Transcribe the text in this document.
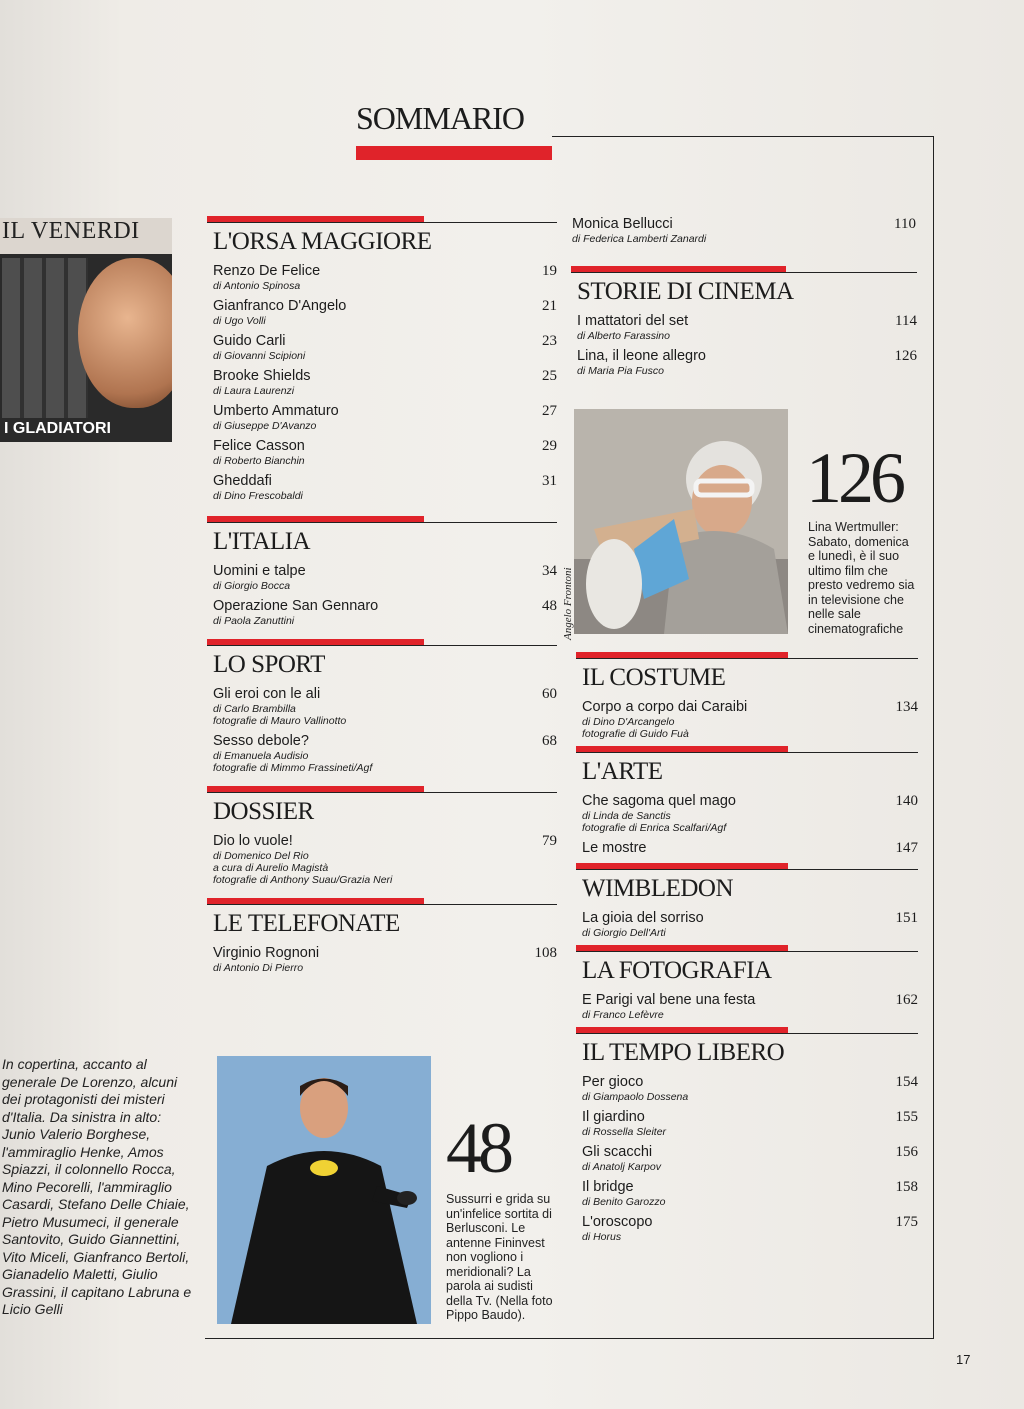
SOMMARIO
IL VENERDI
I GLADIATORI
In copertina, accanto al generale De Lorenzo, alcuni dei protagonisti dei misteri d'Italia. Da sinistra in alto: Junio Valerio Borghese, l'ammiraglio Henke, Amos Spiazzi, il colonnello Rocca, Mino Pecorelli, l'ammiraglio Casardi, Stefano Delle Chiaie, Pietro Musumeci, il generale Santovito, Guido Giannettini, Vito Miceli, Gianfranco Bertoli, Gianadelio Maletti, Giulio Grassini, il capitano Labruna e Licio Gelli
L'ORSA MAGGIORE
Renzo De Felice
di Antonio Spinosa
19
Gianfranco D'Angelo
di Ugo Volli
21
Guido Carli
di Giovanni Scipioni
23
Brooke Shields
di Laura Laurenzi
25
Umberto Ammaturo
di Giuseppe D'Avanzo
27
Felice Casson
di Roberto Bianchin
29
Gheddafi
di Dino Frescobaldi
31
L'ITALIA
Uomini e talpe
di Giorgio Bocca
34
Operazione San Gennaro
di Paola Zanuttini
48
LO SPORT
Gli eroi con le ali
di Carlo Brambilla
fotografie di Mauro Vallinotto
60
Sesso debole?
di Emanuela Audisio
fotografie di Mimmo Frassineti/Agf
68
DOSSIER
Dio lo vuole!
di Domenico Del Rio
a cura di Aurelio Magistà
fotografie di Anthony Suau/Grazia Neri
79
LE TELEFONATE
Virginio Rognoni
di Antonio Di Pierro
108
Monica Bellucci
di Federica Lamberti Zanardi
110
STORIE DI CINEMA
I mattatori del set
di Alberto Farassino
114
Lina, il leone allegro
di Maria Pia Fusco
126
IL COSTUME
Corpo a corpo dai Caraibi
di Dino D'Arcangelo
fotografie di Guido Fuà
134
L'ARTE
Che sagoma quel mago
di Linda de Sanctis
fotografie di Enrica Scalfari/Agf
140
Le mostre	147
WIMBLEDON
La gioia del sorriso
di Giorgio Dell'Arti
151
LA FOTOGRAFIA
E Parigi val bene una festa
di Franco Lefèvre
162
IL TEMPO LIBERO
Per gioco
di Giampaolo Dossena
154
Il giardino
di Rossella Sleiter
155
Gli scacchi
di Anatolj Karpov
156
Il bridge
di Benito Garozzo
158
L'oroscopo
di Horus
175
Angelo Frontoni
126
Lina Wertmuller: Sabato, domenica e lunedì, è il suo ultimo film che presto vedremo sia in televisione che nelle sale cinematografiche
48
Sussurri e grida su un'infelice sortita di Berlusconi. Le antenne Fininvest non vogliono i meridionali? La parola ai sudisti della Tv. (Nella foto Pippo Baudo).
17
